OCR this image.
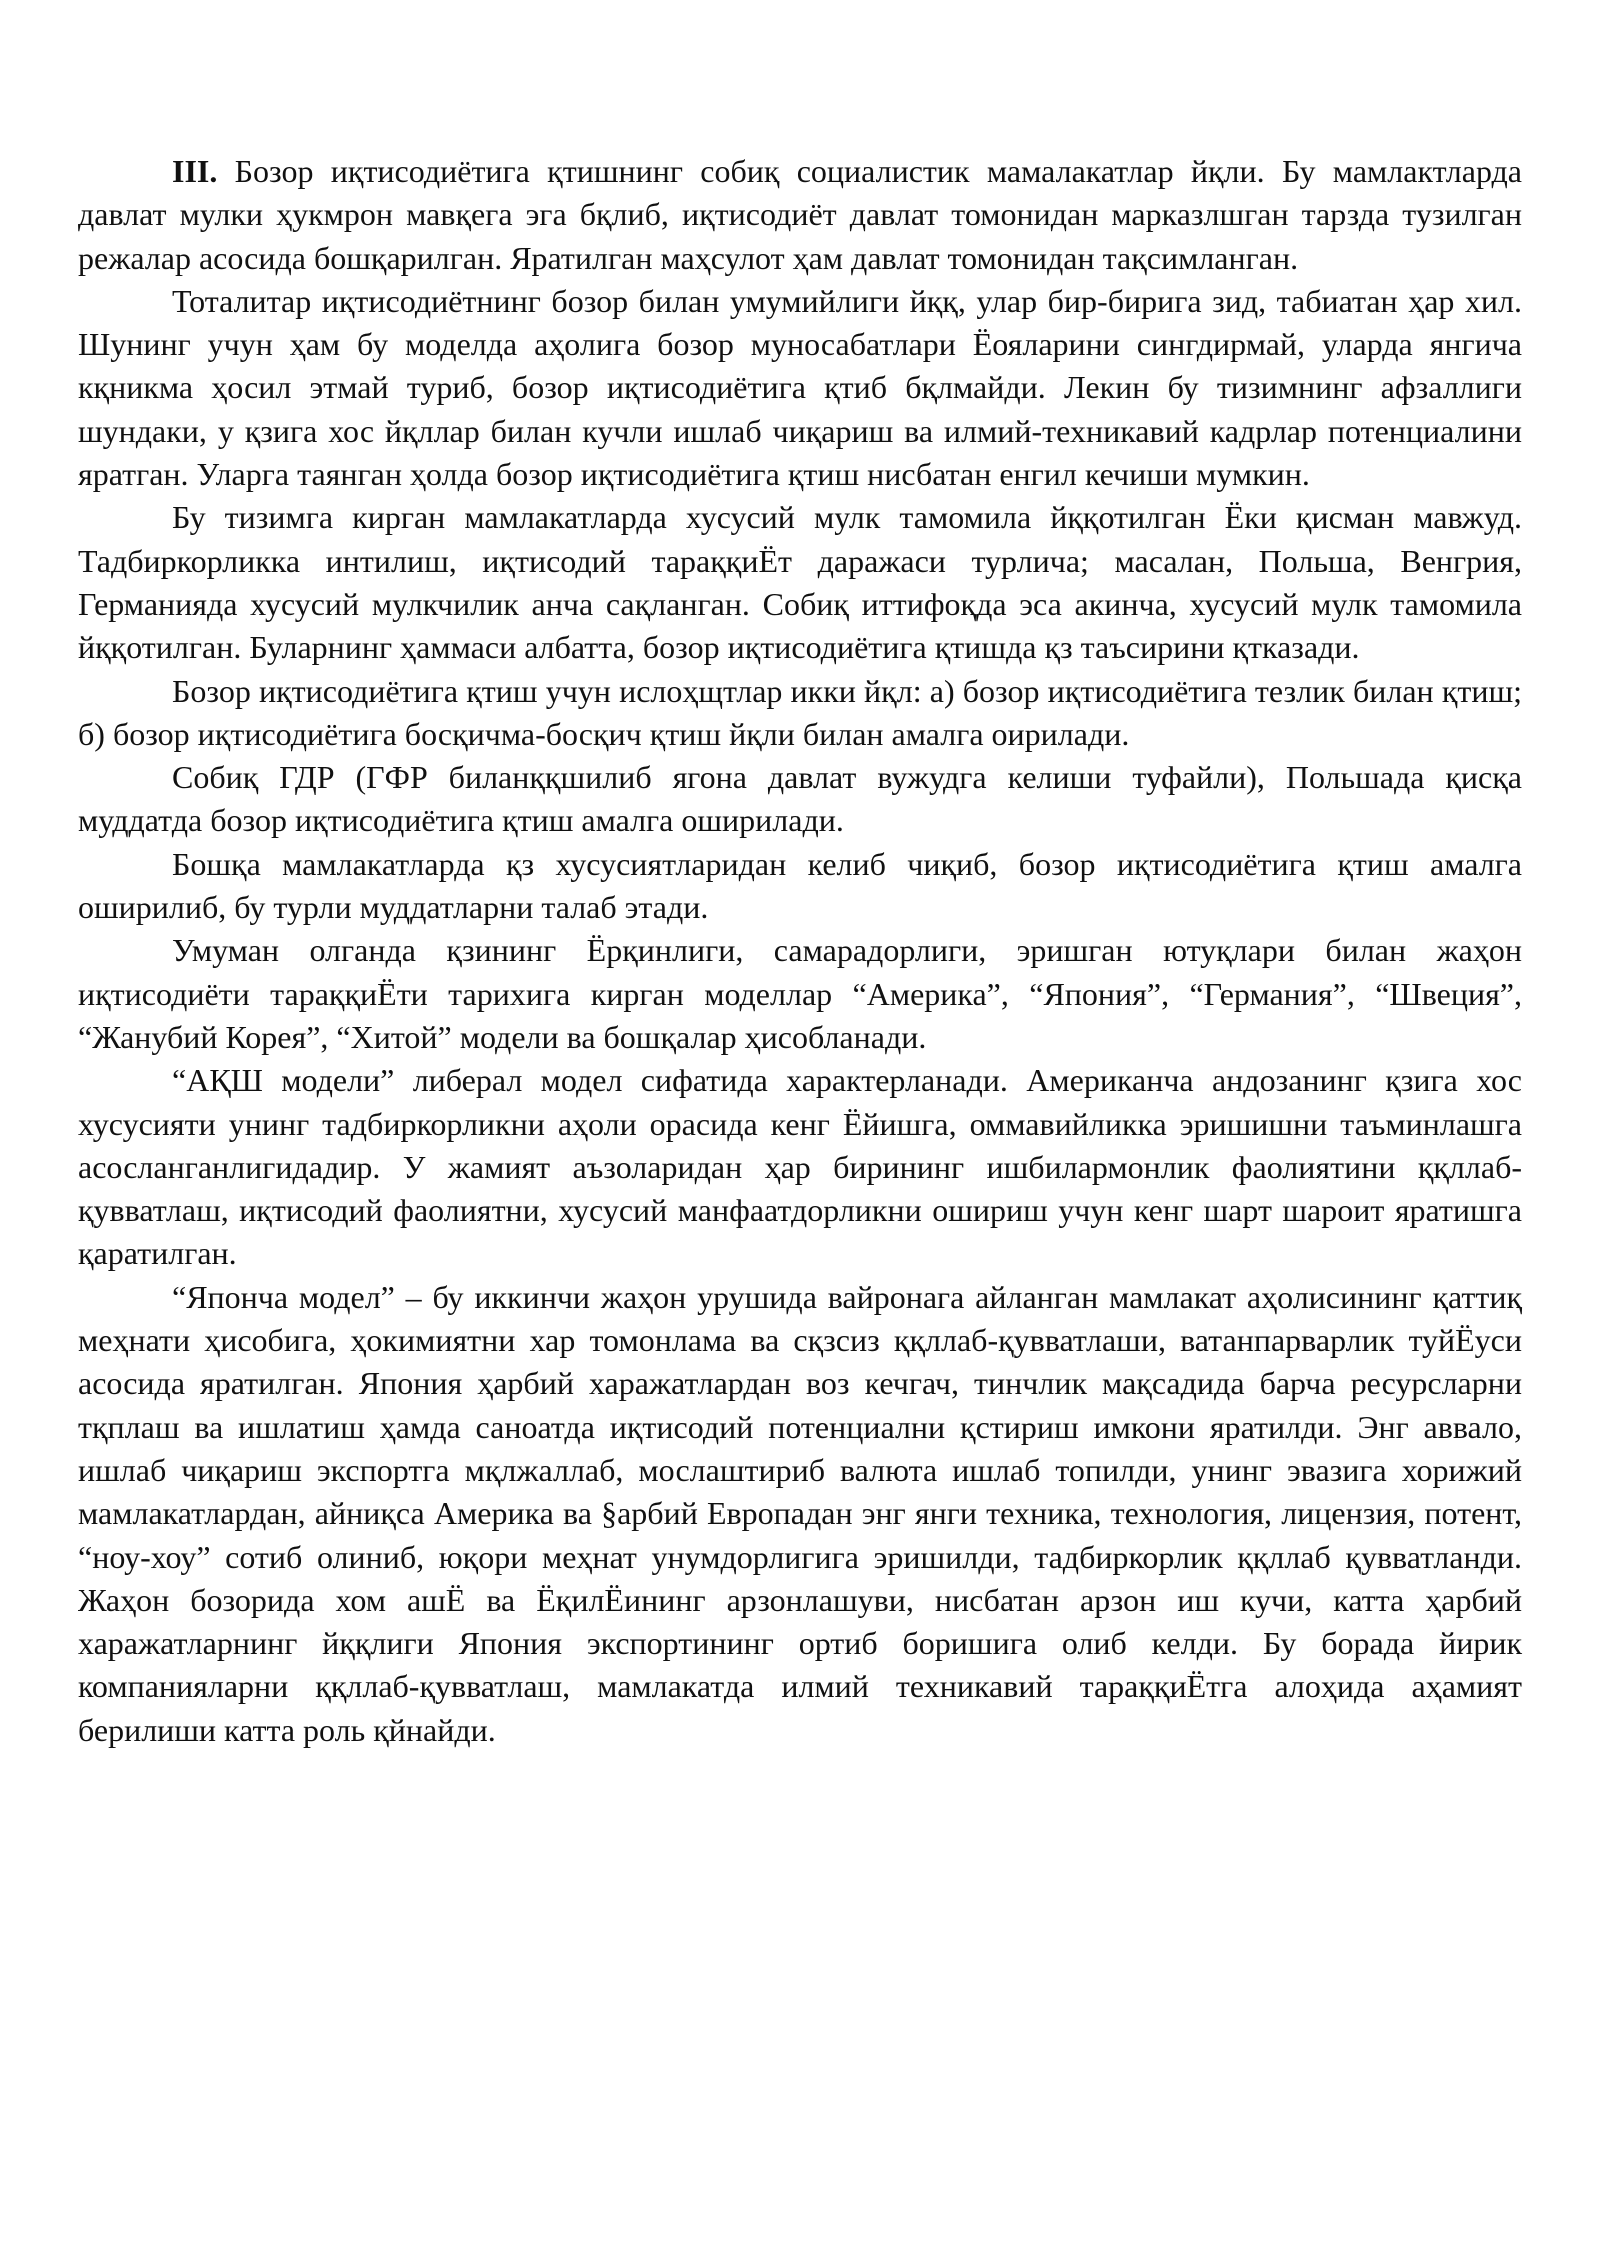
III. Бозор иқтисодиётига қтишнинг собиқ социалистик мамалакатлар йқли. Бу мамлактларда давлат мулки ҳукмрон мавқега эга бқлиб, иқтисодиёт давлат томонидан марказлшган тарзда тузилган режалар асосида бошқарилган. Яратилган маҳсулот ҳам давлат томонидан тақсимланган.

Тоталитар иқтисодиётнинг бозор билан умумийлиги йққ, улар бир-бирига зид, табиатан ҳар хил. Шунинг учун ҳам бу моделда аҳолига бозор муносабатлари Ёояларини сингдирмай, уларда янгича кқникма ҳосил этмай туриб, бозор иқтисодиётига қтиб бқлмайди. Лекин бу тизимнинг афзаллиги шундаки, у қзига хос йқллар билан кучли ишлаб чиқариш ва илмий-техникавий кадрлар потенциалини яратган. Уларга таянган ҳолда бозор иқтисодиётига қтиш нисбатан енгил кечиши мумкин.

Бу тизимга кирган мамлакатларда хусусий мулк тамомила йққотилган Ёки қисман мавжуд. Тадбиркорликка интилиш, иқтисодий тараққиЁт даражаси турлича; масалан, Польша, Венгрия, Германияда хусусий мулкчилик анча сақланган. Собиқ иттифоқда эса акинча, хусусий мулк тамомила йққотилган. Буларнинг ҳаммаси албатта, бозор иқтисодиётига қтишда қз таъсирини қтказади.

Бозор иқтисодиётига қтиш учун ислоҳщтлар икки йқл: а) бозор иқтисодиётига тезлик билан қтиш; б) бозор иқтисодиётига босқичма-босқич қтиш йқли билан амалга оирилади.

Собиқ ГДР (ГФР биланққшилиб ягона давлат вужудга келиши туфайли), Польшада қисқа муддатда бозор иқтисодиётига қтиш амалга оширилади.

Бошқа мамлакатларда қз хусусиятларидан келиб чиқиб, бозор иқтисодиётига қтиш амалга оширилиб, бу турли муддатларни талаб этади.

Умуман олганда қзининг Ёрқинлиги, самарадорлиги, эришган ютуқлари билан жаҳон иқтисодиёти тараққиЁти тарихига кирган моделлар “Америка”, “Япония”, “Германия”, “Швеция”, “Жанубий Корея”, “Хитой” модели ва бошқалар ҳисобланади.

“АҚШ модели” либерал модел сифатида характерланади. Американча андозанинг қзига хос хусусияти унинг тадбиркорликни аҳоли орасида кенг Ёйишга, оммавийликка эришишни таъминлашга асосланганлигидадир. У жамият аъзоларидан ҳар бирининг ишбилармонлик фаолиятини ққллаб-қувватлаш, иқтисодий фаолиятни, хусусий манфаатдорликни ошириш учун кенг шарт шароит яратишга қаратилган.

“Японча модел” – бу иккинчи жаҳон урушида вайронага айланган мамлакат аҳолисининг қаттиқ меҳнати ҳисобига, ҳокимиятни хар томонлама ва сқзсиз ққллаб-қувватлаши, ватанпарварлик туйЁуси асосида яратилган. Япония ҳарбий харажатлардан воз кечгач, тинчлик мақсадида барча ресурсларни тқплаш ва ишлатиш ҳамда саноатда иқтисодий потенциални қстириш имкони яратилди. Энг аввало, ишлаб чиқариш экспортга мқлжаллаб, мослаштириб валюта ишлаб топилди, унинг эвазига хорижий мамлакатлардан, айниқса Америка ва §арбий Европадан энг янги техника, технология, лицензия, потент, “ноу-хоу” сотиб олиниб, юқори меҳнат унумдорлигига эришилди, тадбиркорлик ққллаб қувватланди. Жаҳон бозорида хом ашЁ ва ЁқилЁининг арзонлашуви, нисбатан арзон иш кучи, катта ҳарбий харажатларнинг йққлиги Япония экспортининг ортиб боришига олиб келди. Бу борада йирик компанияларни ққллаб-қувватлаш, мамлакатда илмий техникавий тараққиЁтга алоҳида аҳамият берилиши катта роль қйнайди.
